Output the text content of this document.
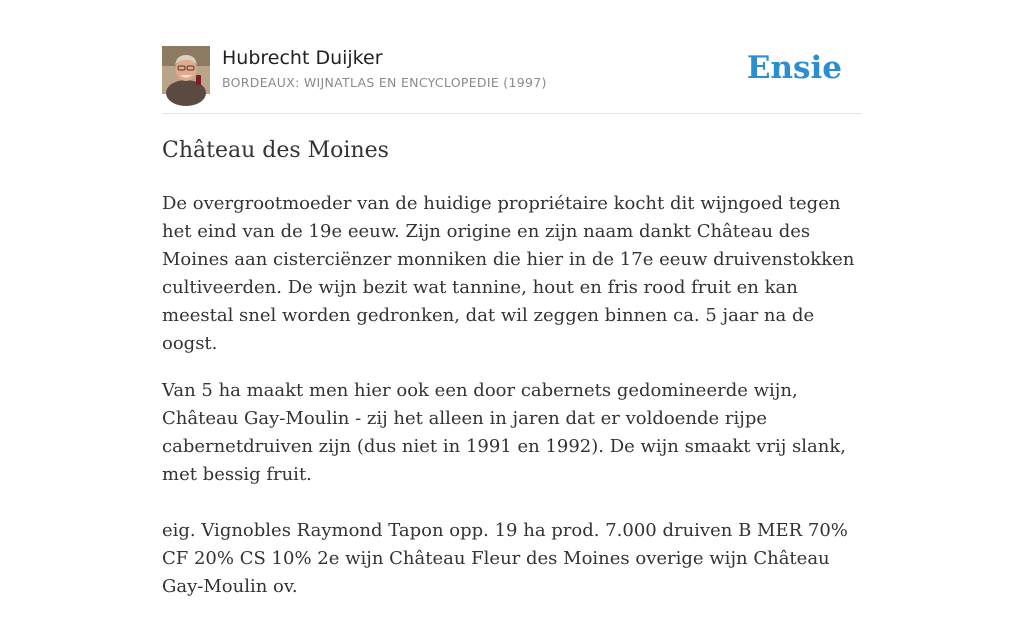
Hubrecht Duijker
BORDEAUX: WIJNATLAS EN ENCYCLOPEDIE (1997)	Ensie
Château des Moines

De overgrootmoeder van de huidige propriétaire kocht dit wijngoed tegen het eind van de 19e eeuw. Zijn origine en zijn naam dankt Château des Moines aan cisterciënzer monniken die hier in de 17e eeuw druivenstokken cultiveerden. De wijn bezit wat tannine, hout en fris rood fruit en kan meestal snel worden gedronken, dat wil zeggen binnen ca. 5 jaar na de oogst.

Van 5 ha maakt men hier ook een door cabernets gedomineerde wijn, Château Gay-Moulin - zij het alleen in jaren dat er voldoende rijpe cabernetdruiven zijn (dus niet in 1991 en 1992). De wijn smaakt vrij slank, met bessig fruit.

eig. Vignobles Raymond Tapon opp. 19 ha prod. 7.000 druiven B MER 70% CF 20% CS 10% 2e wijn Château Fleur des Moines overige wijn Château Gay-Moulin ov.
